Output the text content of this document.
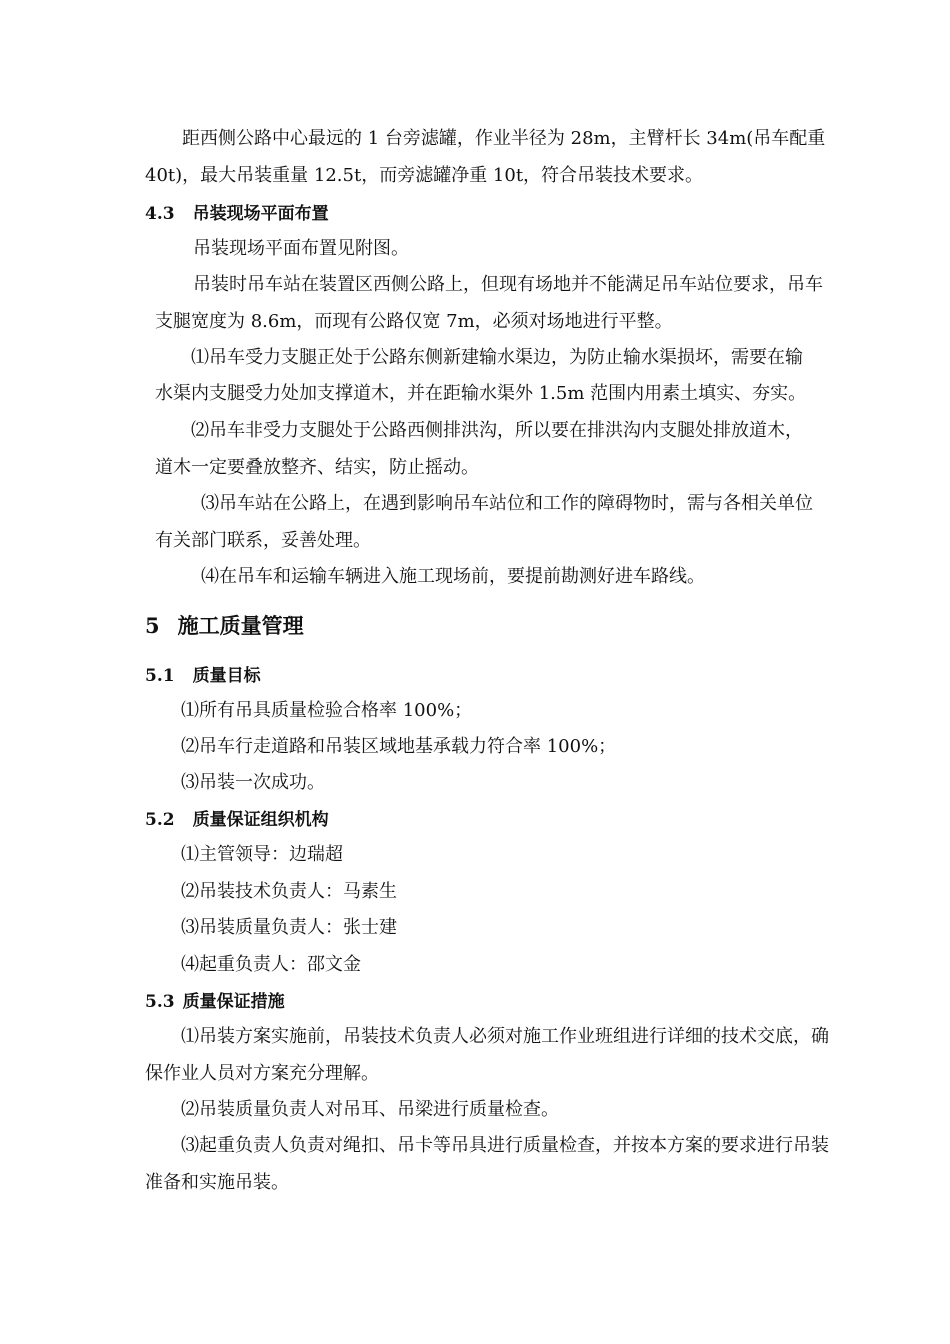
距西侧公路中心最远的 1 台旁滤罐，作业半径为 28m，主臂杆长 34m(吊车配重
40t)，最大吊装重量 12.5t，而旁滤罐净重 10t，符合吊装技术要求。
4.3 吊装现场平面布置
吊装现场平面布置见附图。
吊装时吊车站在装置区西侧公路上，但现有场地并不能满足吊车站位要求，吊车
支腿宽度为 8.6m，而现有公路仅宽 7m，必须对场地进行平整。
⑴吊车受力支腿正处于公路东侧新建输水渠边，为防止输水渠损坏，需要在输
水渠内支腿受力处加支撑道木，并在距输水渠外 1.5m 范围内用素土填实、夯实。
⑵吊车非受力支腿处于公路西侧排洪沟，所以要在排洪沟内支腿处排放道木，
道木一定要叠放整齐、结实，防止摇动。
⑶吊车站在公路上，在遇到影响吊车站位和工作的障碍物时，需与各相关单位
有关部门联系，妥善处理。
⑷在吊车和运输车辆进入施工现场前，要提前勘测好进车路线。
5 施工质量管理
5.1 质量目标
⑴所有吊具质量检验合格率 100%；
⑵吊车行走道路和吊装区域地基承载力符合率 100%；
⑶吊装一次成功。
5.2 质量保证组织机构
⑴主管领导：边瑞超
⑵吊装技术负责人：马素生
⑶吊装质量负责人：张士建
⑷起重负责人：邵文金
5.3 质量保证措施
⑴吊装方案实施前，吊装技术负责人必须对施工作业班组进行详细的技术交底，确
保作业人员对方案充分理解。
⑵吊装质量负责人对吊耳、吊梁进行质量检查。
⑶起重负责人负责对绳扣、吊卡等吊具进行质量检查，并按本方案的要求进行吊装
准备和实施吊装。
